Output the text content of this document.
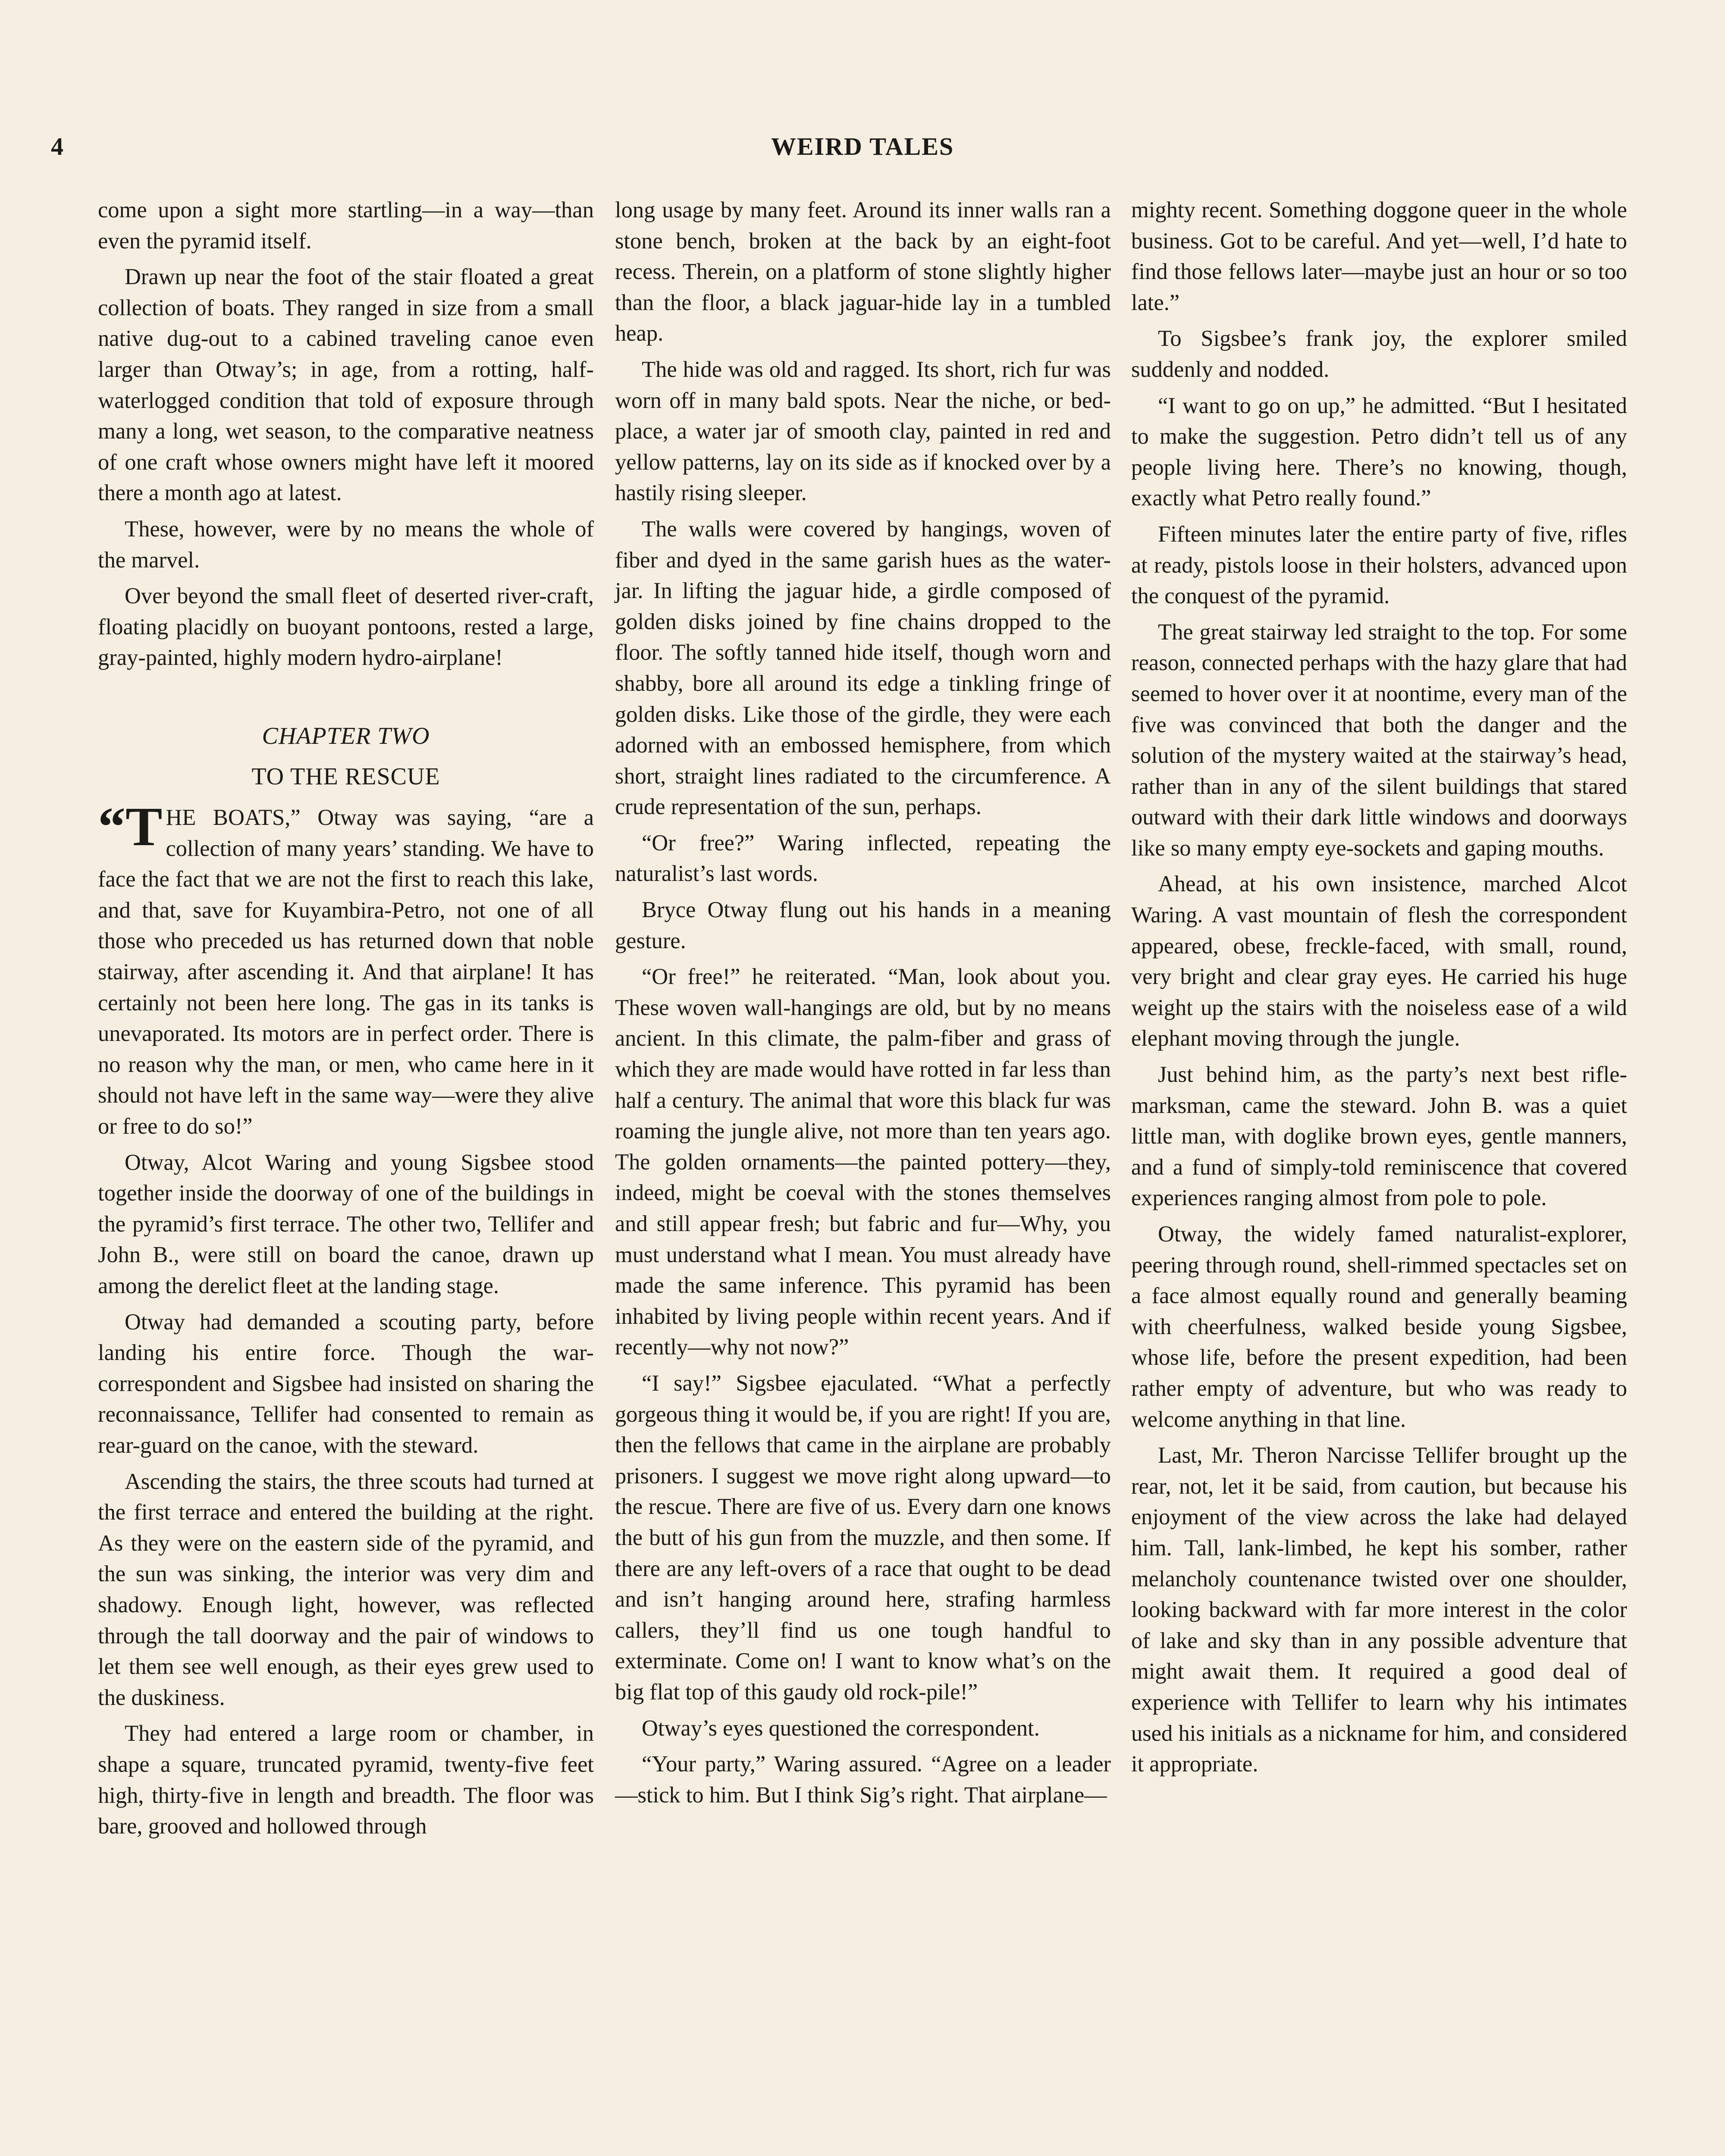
4	WEIRD TALES

come upon a sight more startling—in a way—than even the pyramid itself.

Drawn up near the foot of the stair floated a great collection of boats. They ranged in size from a small native dug-out to a cabined traveling canoe even larger than Otway’s; in age, from a rotting, half-waterlogged condition that told of exposure through many a long, wet season, to the comparative neatness of one craft whose owners might have left it moored there a month ago at latest.

These, however, were by no means the whole of the marvel.

Over beyond the small fleet of deserted river-craft, floating placidly on buoyant pontoons, rested a large, gray-painted, highly modern hydro-airplane!

CHAPTER TWO
TO THE RESCUE

“THE BOATS,” Otway was saying, “are a collection of many years’ standing. We have to face the fact that we are not the first to reach this lake, and that, save for Kuyambira-Petro, not one of all those who preceded us has returned down that noble stairway, after ascending it. And that airplane! It has certainly not been here long. The gas in its tanks is unevaporated. Its motors are in perfect order. There is no reason why the man, or men, who came here in it should not have left in the same way—were they alive or free to do so!”

Otway, Alcot Waring and young Sigsbee stood together inside the doorway of one of the buildings in the pyramid’s first terrace. The other two, Tellifer and John B., were still on board the canoe, drawn up among the derelict fleet at the landing stage.

Otway had demanded a scouting party, before landing his entire force. Though the war-correspondent and Sigsbee had insisted on sharing the reconnaissance, Tellifer had consented to remain as rear-guard on the canoe, with the steward.

Ascending the stairs, the three scouts had turned at the first terrace and entered the building at the right. As they were on the eastern side of the pyramid, and the sun was sinking, the interior was very dim and shadowy. Enough light, however, was reflected through the tall doorway and the pair of windows to let them see well enough, as their eyes grew used to the duskiness.

They had entered a large room or chamber, in shape a square, truncated pyramid, twenty-five feet high, thirty-five in length and breadth. The floor was bare, grooved and hollowed through

long usage by many feet. Around its inner walls ran a stone bench, broken at the back by an eight-foot recess. Therein, on a platform of stone slightly higher than the floor, a black jaguar-hide lay in a tumbled heap.

The hide was old and ragged. Its short, rich fur was worn off in many bald spots. Near the niche, or bed-place, a water jar of smooth clay, painted in red and yellow patterns, lay on its side as if knocked over by a hastily rising sleeper.

The walls were covered by hangings, woven of fiber and dyed in the same garish hues as the water-jar. In lifting the jaguar hide, a girdle composed of golden disks joined by fine chains dropped to the floor. The softly tanned hide itself, though worn and shabby, bore all around its edge a tinkling fringe of golden disks. Like those of the girdle, they were each adorned with an embossed hemisphere, from which short, straight lines radiated to the circumference. A crude representation of the sun, perhaps.

“Or free?” Waring inflected, repeating the naturalist’s last words.

Bryce Otway flung out his hands in a meaning gesture.

“Or free!” he reiterated. “Man, look about you. These woven wall-hangings are old, but by no means ancient. In this climate, the palm-fiber and grass of which they are made would have rotted in far less than half a century. The animal that wore this black fur was roaming the jungle alive, not more than ten years ago. The golden ornaments—the painted pottery—they, indeed, might be coeval with the stones themselves and still appear fresh; but fabric and fur—Why, you must understand what I mean. You must already have made the same inference. This pyramid has been inhabited by living people within recent years. And if recently—why not now?”

“I say!” Sigsbee ejaculated. “What a perfectly gorgeous thing it would be, if you are right! If you are, then the fellows that came in the airplane are probably prisoners. I suggest we move right along upward—to the rescue. There are five of us. Every darn one knows the butt of his gun from the muzzle, and then some. If there are any left-overs of a race that ought to be dead and isn’t hanging around here, strafing harmless callers, they’ll find us one tough handful to exterminate. Come on! I want to know what’s on the big flat top of this gaudy old rock-pile!”

Otway’s eyes questioned the correspondent.

“Your party,” Waring assured. “Agree on a leader—stick to him. But I think Sig’s right. That airplane—

mighty recent. Something doggone queer in the whole business. Got to be careful. And yet—well, I’d hate to find those fellows later—maybe just an hour or so too late.”

To Sigsbee’s frank joy, the explorer smiled suddenly and nodded.

“I want to go on up,” he admitted. “But I hesitated to make the suggestion. Petro didn’t tell us of any people living here. There’s no knowing, though, exactly what Petro really found.”

Fifteen minutes later the entire party of five, rifles at ready, pistols loose in their holsters, advanced upon the conquest of the pyramid.

The great stairway led straight to the top. For some reason, connected perhaps with the hazy glare that had seemed to hover over it at noontime, every man of the five was convinced that both the danger and the solution of the mystery waited at the stairway’s head, rather than in any of the silent buildings that stared outward with their dark little windows and doorways like so many empty eye-sockets and gaping mouths.

Ahead, at his own insistence, marched Alcot Waring. A vast mountain of flesh the correspondent appeared, obese, freckle-faced, with small, round, very bright and clear gray eyes. He carried his huge weight up the stairs with the noiseless ease of a wild elephant moving through the jungle.

Just behind him, as the party’s next best rifle-marksman, came the steward. John B. was a quiet little man, with doglike brown eyes, gentle manners, and a fund of simply-told reminiscence that covered experiences ranging almost from pole to pole.

Otway, the widely famed naturalist-explorer, peering through round, shell-rimmed spectacles set on a face almost equally round and generally beaming with cheerfulness, walked beside young Sigsbee, whose life, before the present expedition, had been rather empty of adventure, but who was ready to welcome anything in that line.

Last, Mr. Theron Narcisse Tellifer brought up the rear, not, let it be said, from caution, but because his enjoyment of the view across the lake had delayed him. Tall, lank-limbed, he kept his somber, rather melancholy countenance twisted over one shoulder, looking backward with far more interest in the color of lake and sky than in any possible adventure that might await them. It required a good deal of experience with Tellifer to learn why his intimates used his initials as a nickname for him, and considered it appropriate.
